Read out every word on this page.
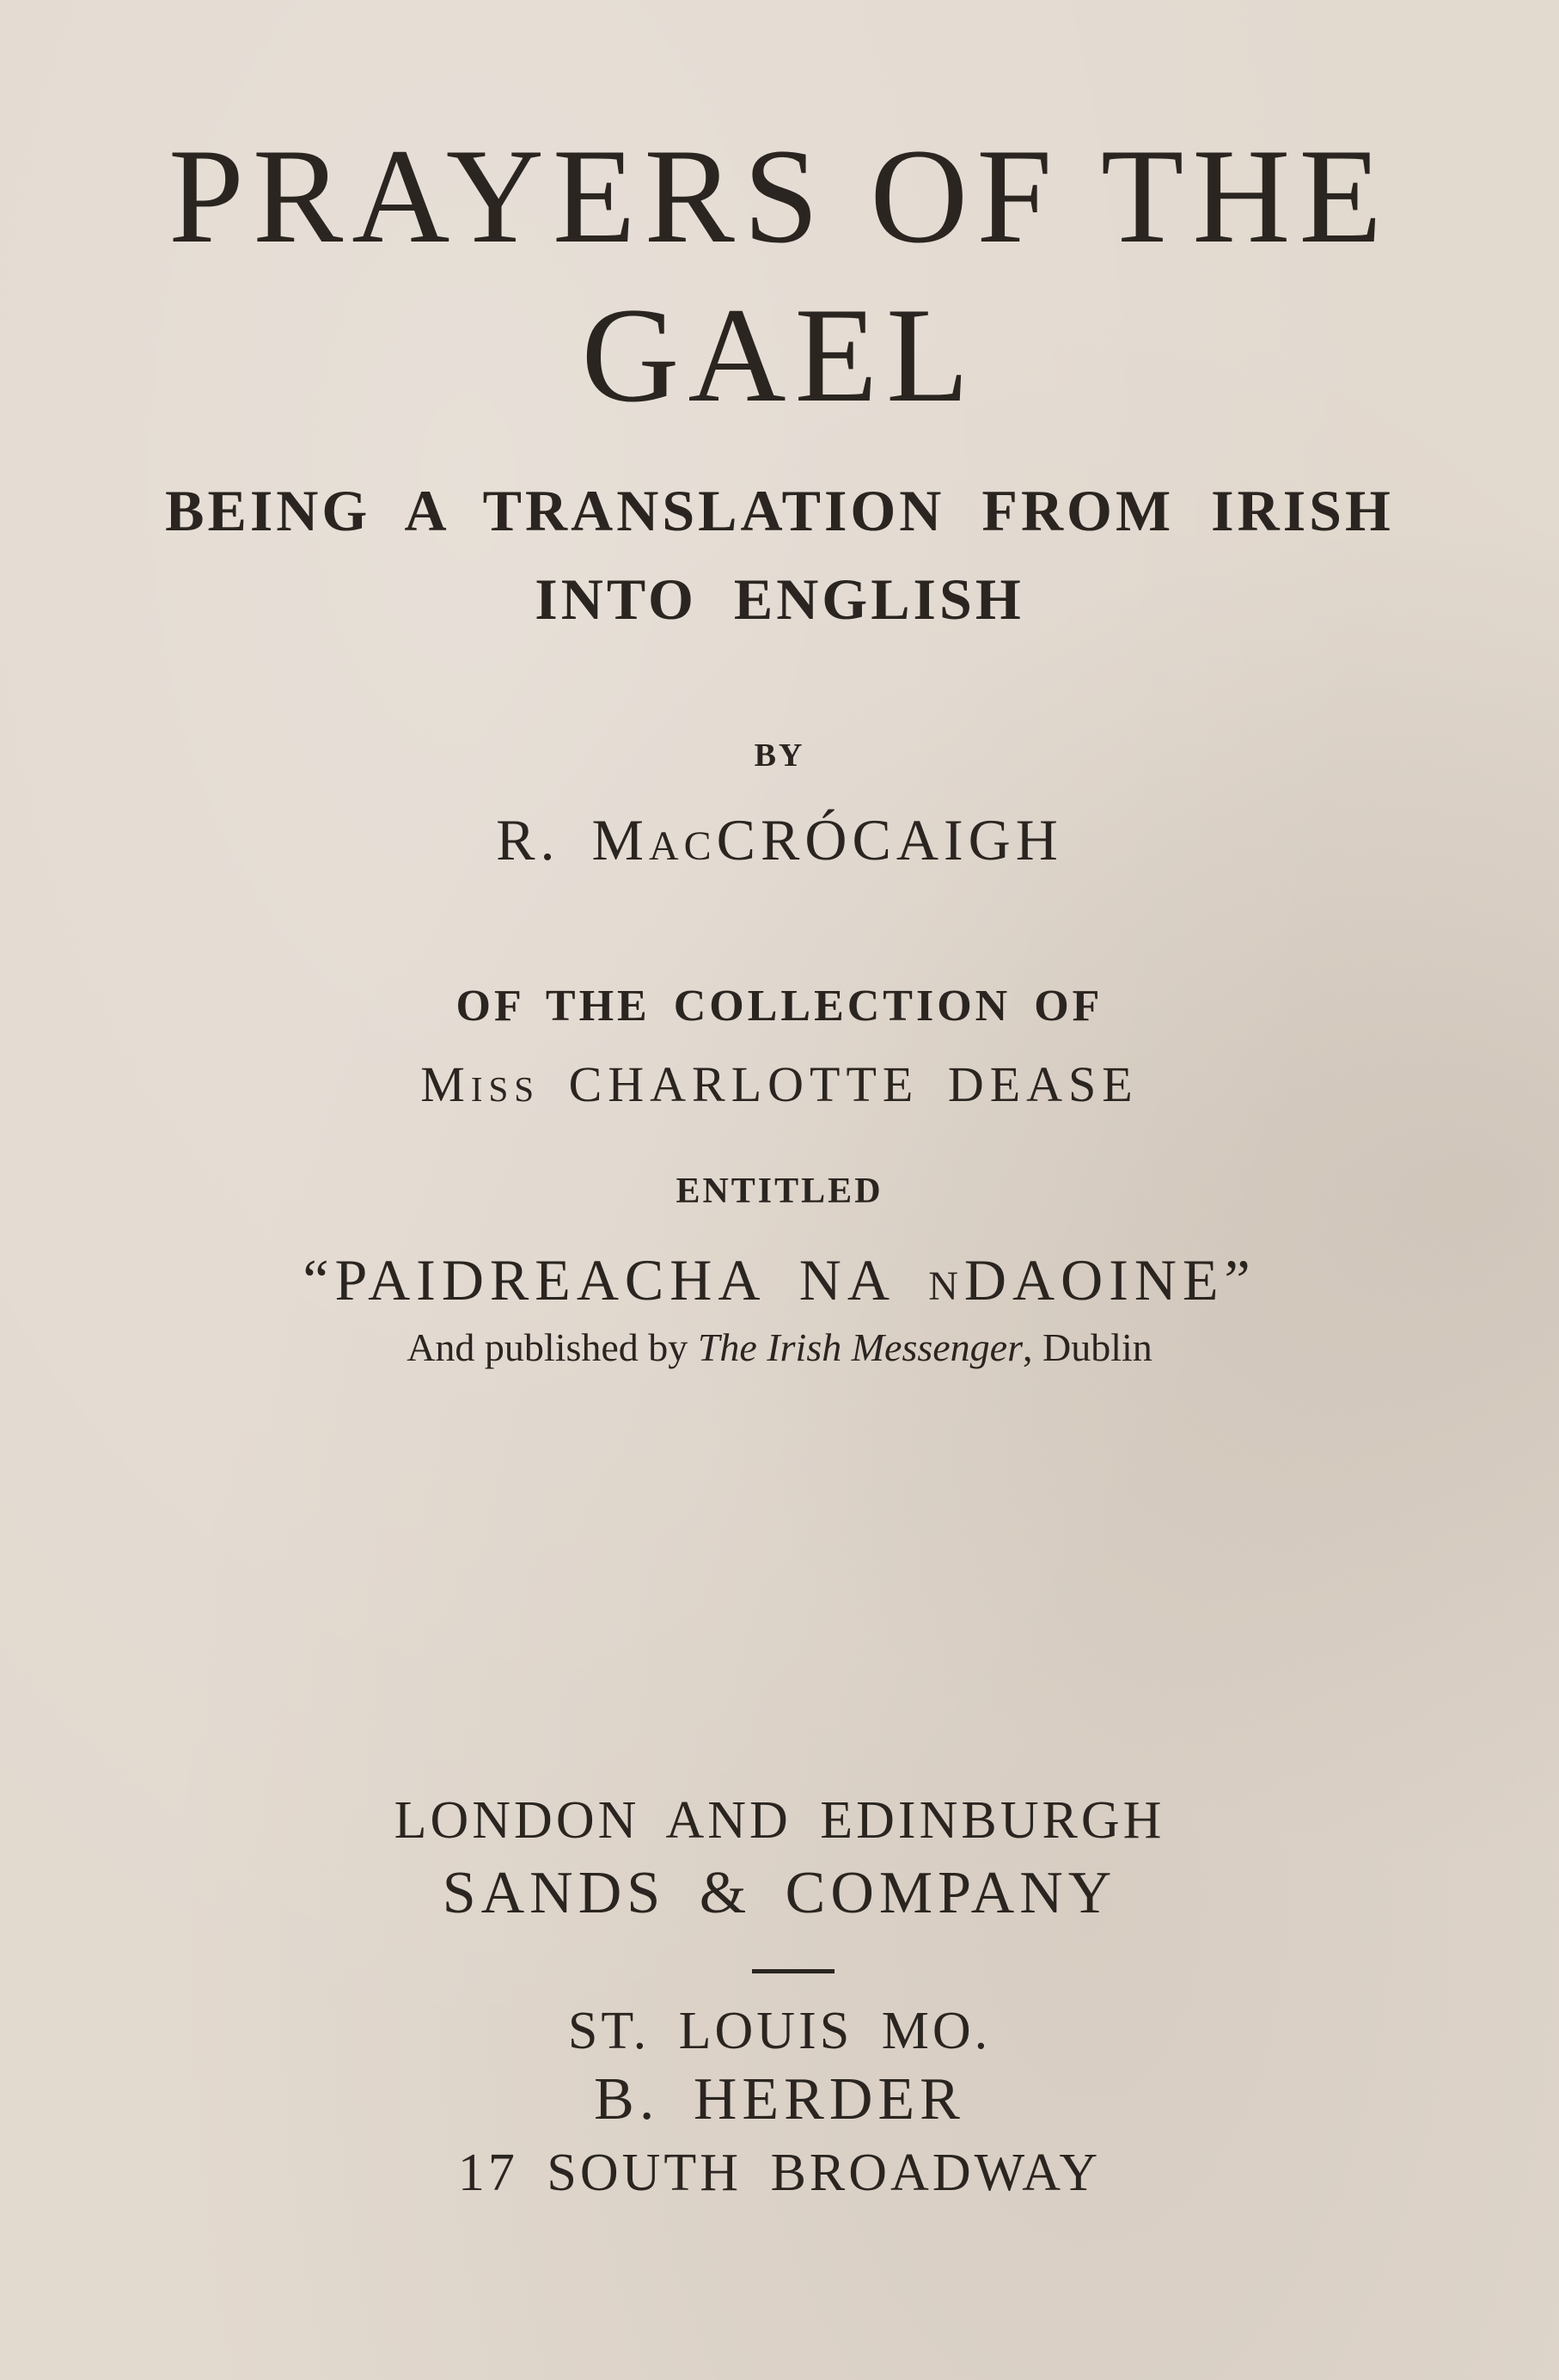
PRAYERS OF THE
GAEL
BEING A TRANSLATION FROM IRISH
INTO ENGLISH
BY
R. MacCRÓCAIGH
OF THE COLLECTION OF
Miss CHARLOTTE DEASE
ENTITLED
“PAIDREACHA NA nDAOINE”
And published by The Irish Messenger, Dublin
LONDON AND EDINBURGH
SANDS & COMPANY
ST. LOUIS MO.
B. HERDER
17 SOUTH BROADWAY
